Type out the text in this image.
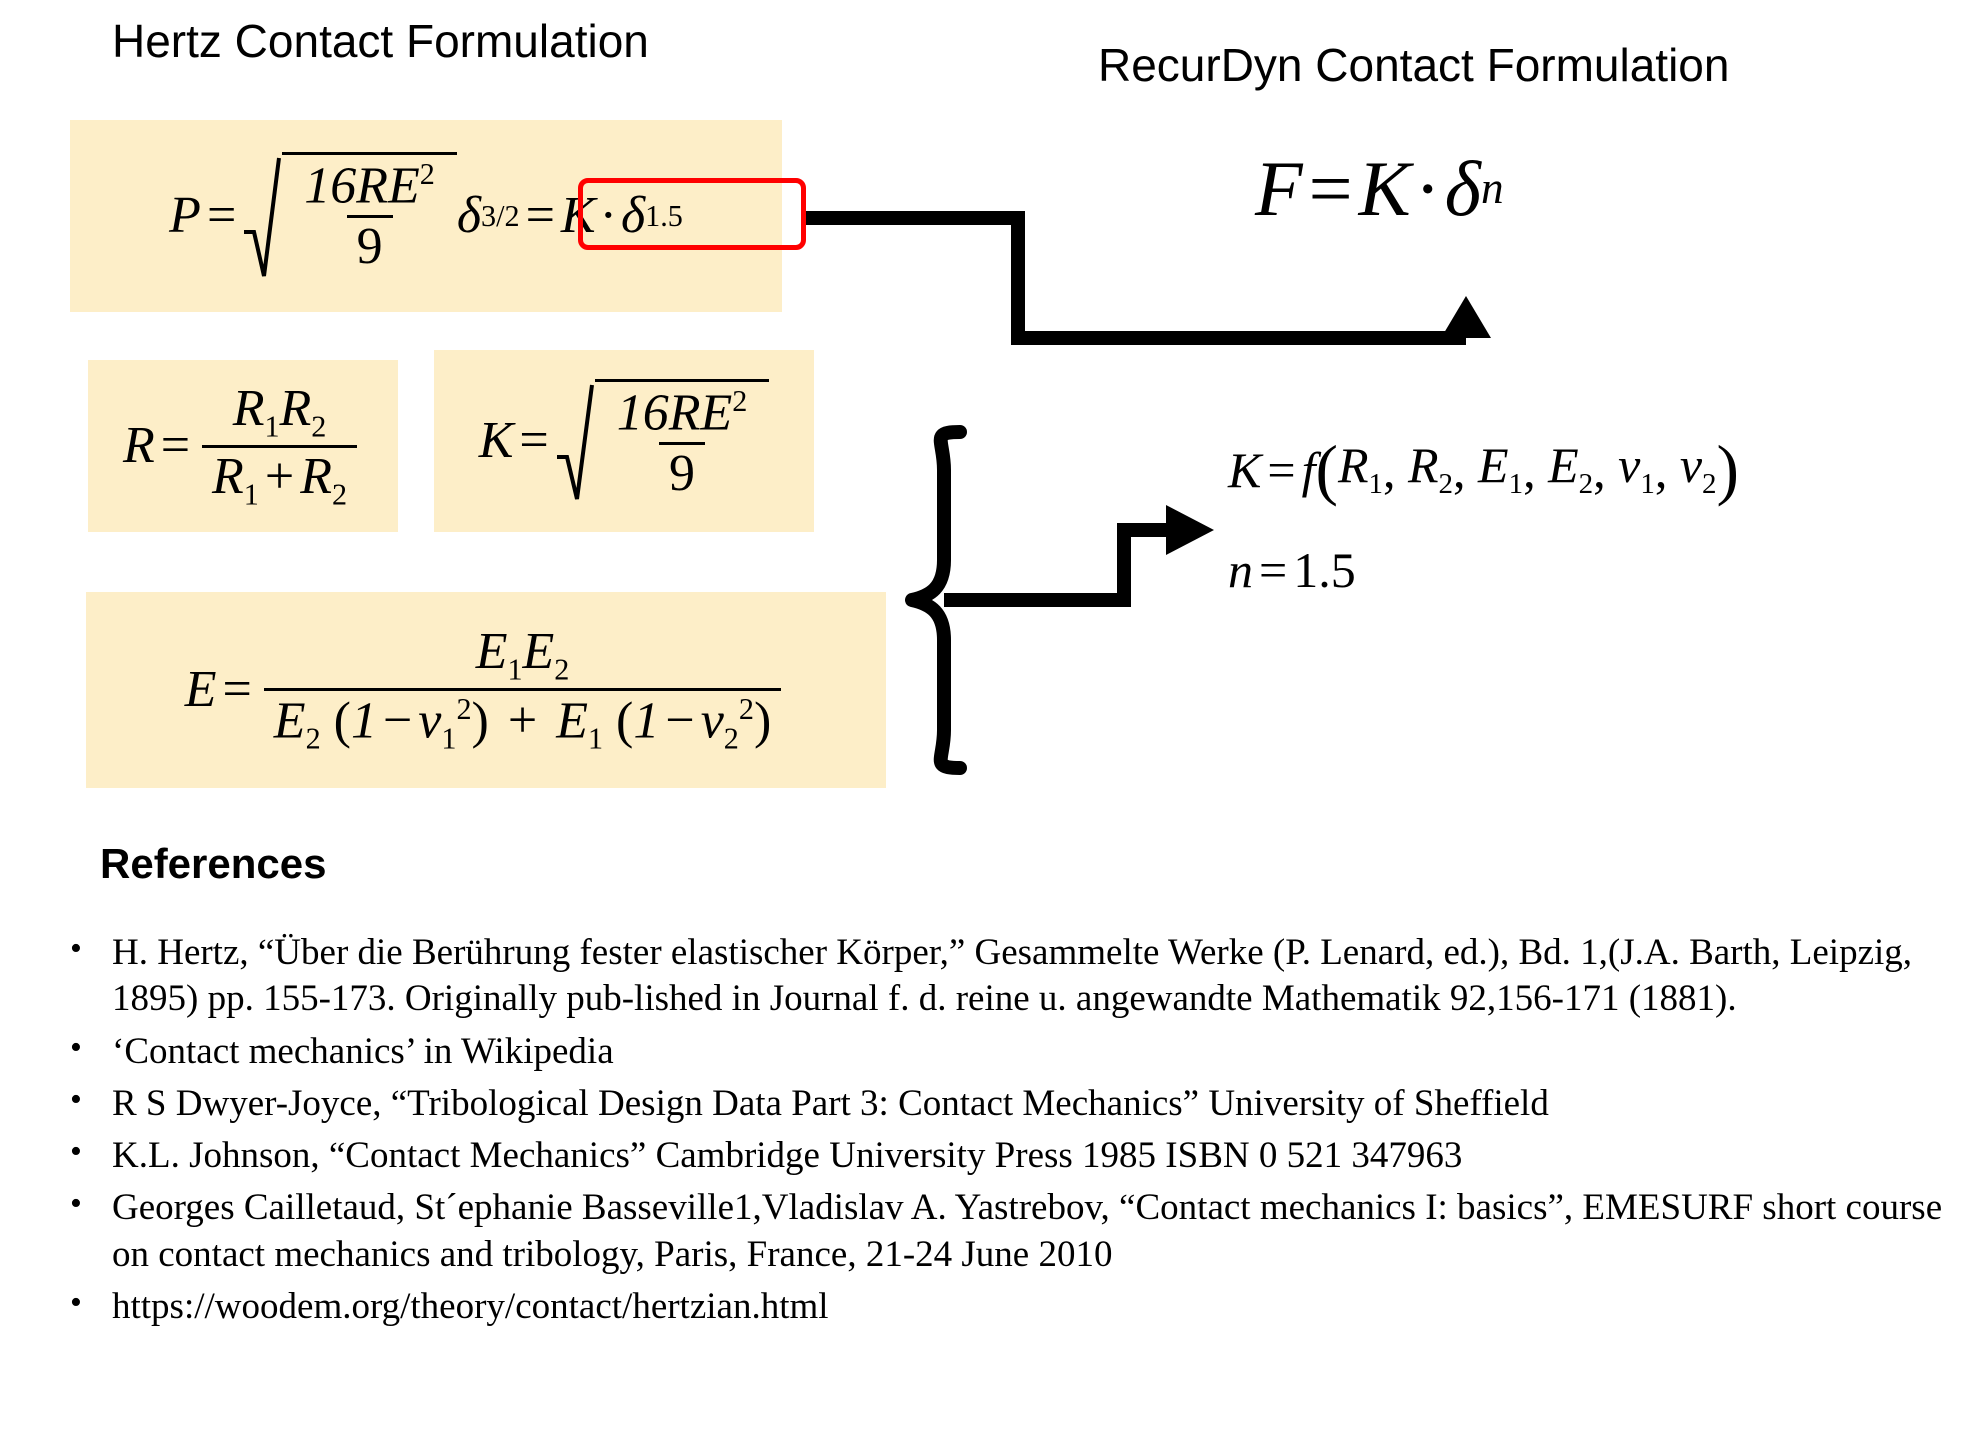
Hertz Contact Formulation	RecurDyn Contact Formulation
$P = \frac{16RE^2}{9}$ δ 3/2 = K · δ 1.5
$R = \frac{R_1R_2}{R_1 + R_2}$ $K = \frac{16RE^2}{9}$
$E = \frac{E_1E_2}{E_2 (1 - \nu_1^2) + E_1 (1 - \nu_2^2)}$
F = K · δ n
K = f ( $R_1$ , $R_2$ , $E_1$ , $E_2$ , $\nu_1$ , $\nu_2$ )
n = 1.5
References
• H. Hertz, “Über die Berührung fester elastischer Körper,” Gesammelte Werke (P. Lenard, ed.), Bd. 1,(J.A. Barth, Leipzig, 1895) pp. 155-173. Originally pub-lished in Journal f. d. reine u. angewandte Mathematik 92,156-171 (1881).
• ‘Contact mechanics’ in Wikipedia
• R S Dwyer-Joyce, “Tribological Design Data Part 3: Contact Mechanics” University of Sheffield
• K.L. Johnson, “Contact Mechanics” Cambridge University Press 1985 ISBN 0 521 347963
• Georges Cailletaud, St´ephanie Basseville1,Vladislav A. Yastrebov, “Contact mechanics I: basics”, EMESURF short course on contact mechanics and tribology, Paris, France, 21-24 June 2010
• https://woodem.org/theory/contact/hertzian.html
